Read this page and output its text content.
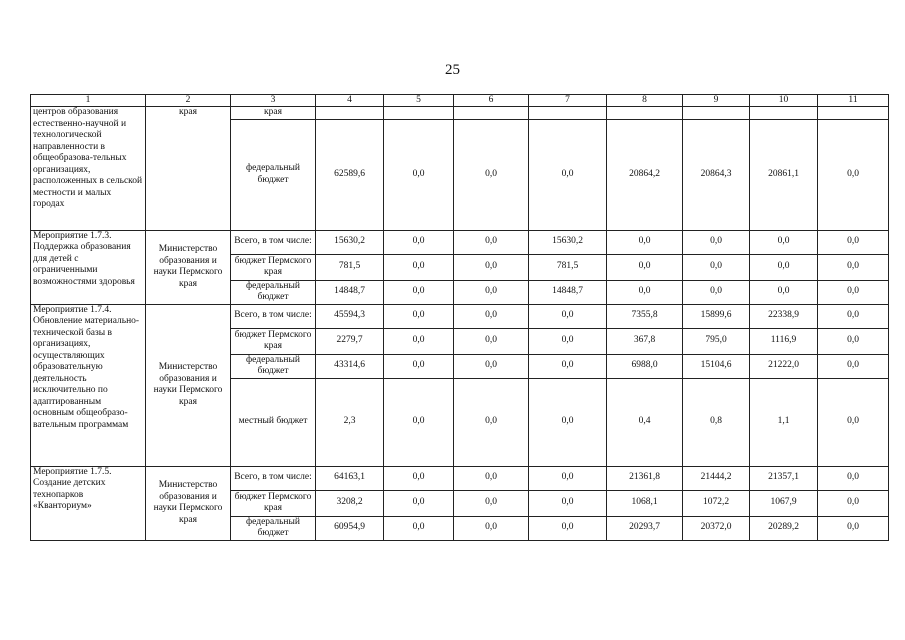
25
1	2	3	4	5	6	7	8	9	10	11
центров образования естественно-научной и технологической направленности в общеобразова-тельных организациях, расположенных в сельской местности и малых городах	края	края								
		федеральный бюджет	62589,6	0,0	0,0	0,0	20864,2	20864,3	20861,1	0,0
Мероприятие 1.7.3. Поддержка образования для детей с ограниченными возможностями здоровья	Министерство образования и науки Пермского края	Всего, в том числе:	15630,2	0,0	0,0	15630,2	0,0	0,0	0,0	0,0
		бюджет Пермского края	781,5	0,0	0,0	781,5	0,0	0,0	0,0	0,0
		федеральный бюджет	14848,7	0,0	0,0	14848,7	0,0	0,0	0,0	0,0
Мероприятие 1.7.4. Обновление материально-технической базы в организациях, осуществляющих образовательную деятельность исключительно по адаптированным основным общеобразо-вательным программам	Министерство образования и науки Пермского края	Всего, в том числе:	45594,3	0,0	0,0	0,0	7355,8	15899,6	22338,9	0,0
		бюджет Пермского края	2279,7	0,0	0,0	0,0	367,8	795,0	1116,9	0,0
		федеральный бюджет	43314,6	0,0	0,0	0,0	6988,0	15104,6	21222,0	0,0
		местный бюджет	2,3	0,0	0,0	0,0	0,4	0,8	1,1	0,0
Мероприятие 1.7.5. Создание детских технопарков «Кванториум»	Министерство образования и науки Пермского края	Всего, в том числе:	64163,1	0,0	0,0	0,0	21361,8	21444,2	21357,1	0,0
		бюджет Пермского края	3208,2	0,0	0,0	0,0	1068,1	1072,2	1067,9	0,0
		федеральный бюджет	60954,9	0,0	0,0	0,0	20293,7	20372,0	20289,2	0,0
